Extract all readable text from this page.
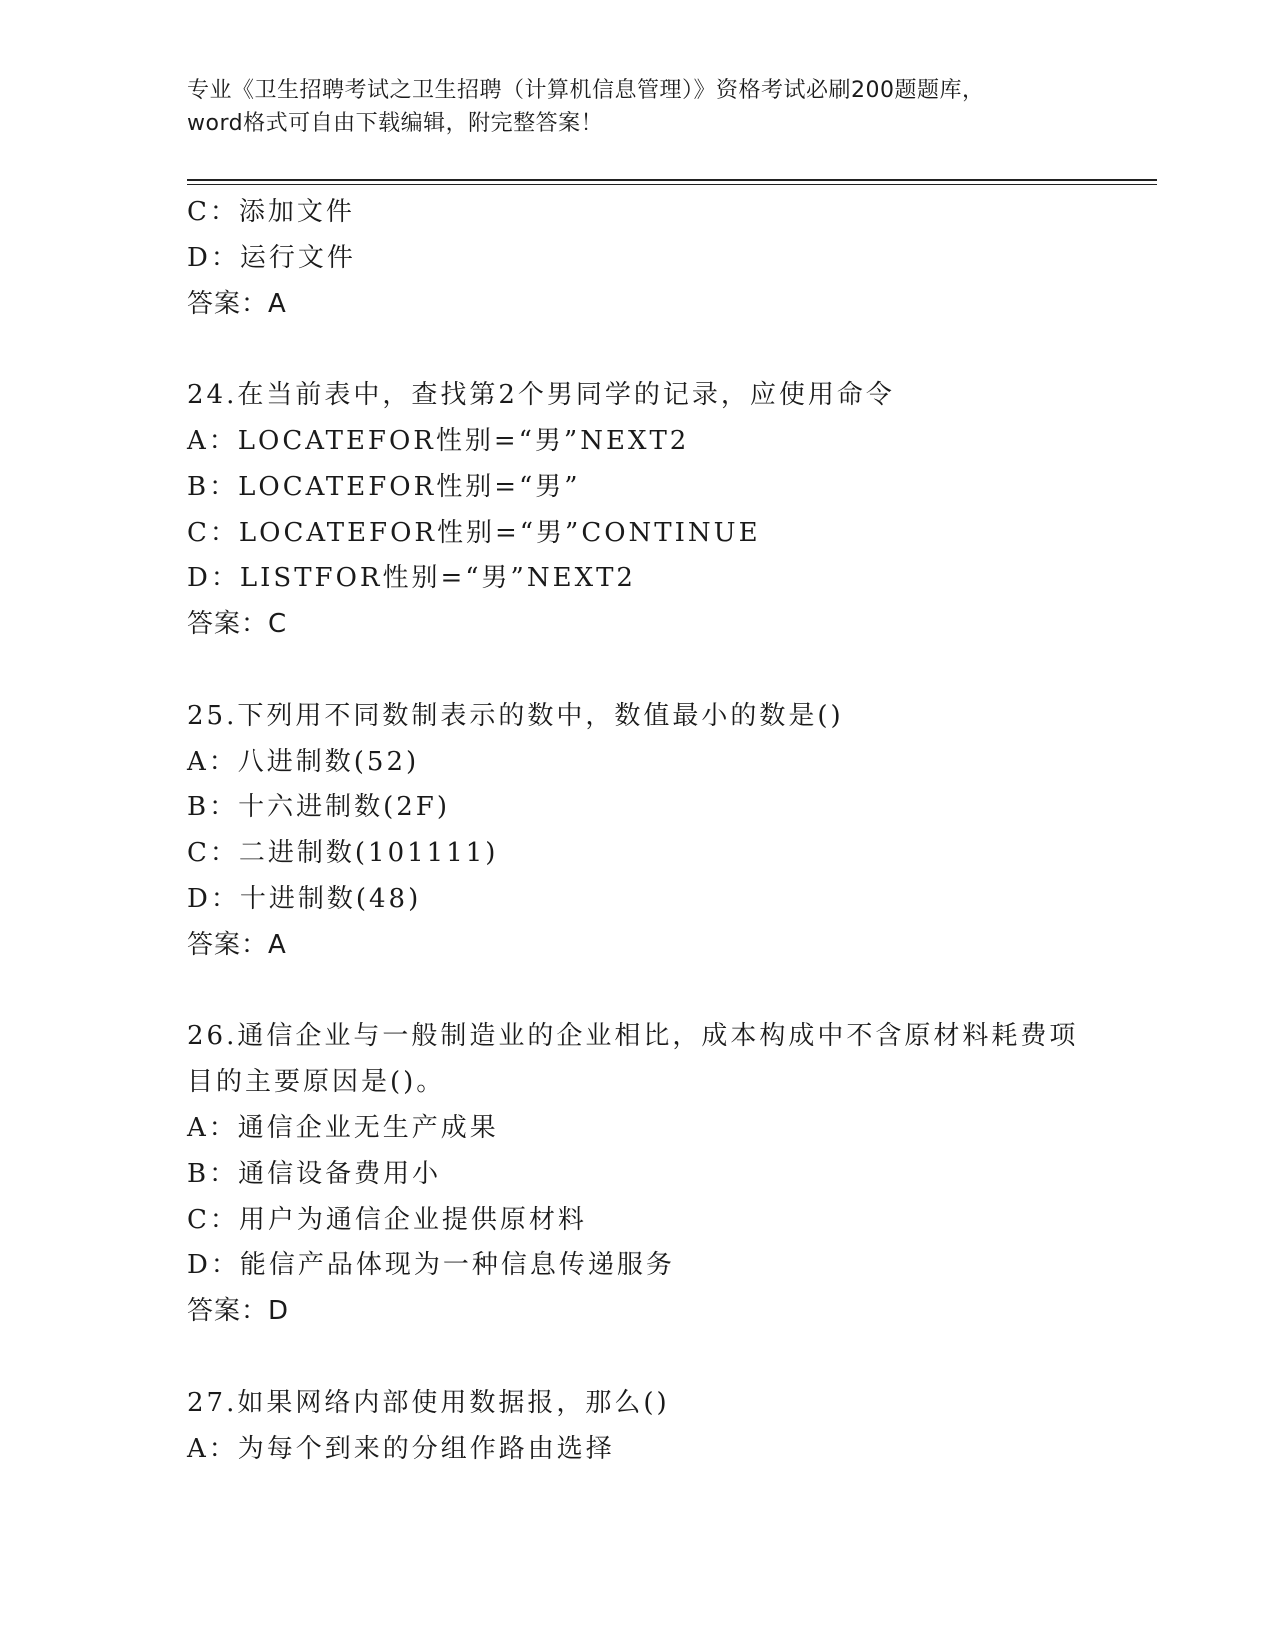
专业《卫生招聘考试之卫生招聘（计算机信息管理）》资格考试必刷200题题库，
word格式可自由下载编辑，附完整答案！
C：添加文件
D：运行文件
答案：A
24.在当前表中，查找第2个男同学的记录，应使用命令
A：LOCATEFOR性别=“男”NEXT2
B：LOCATEFOR性别=“男”
C：LOCATEFOR性别=“男”CONTINUE
D：LISTFOR性别=“男”NEXT2
答案：C
25.下列用不同数制表示的数中，数值最小的数是()
A：八进制数(52)
B：十六进制数(2F)
C：二进制数(101111)
D：十进制数(48)
答案：A
26.通信企业与一般制造业的企业相比，成本构成中不含原材料耗费项
目的主要原因是()。
A：通信企业无生产成果
B：通信设备费用小
C：用户为通信企业提供原材料
D：能信产品体现为一种信息传递服务
答案：D
27.如果网络内部使用数据报，那么()
A：为每个到来的分组作路由选择
